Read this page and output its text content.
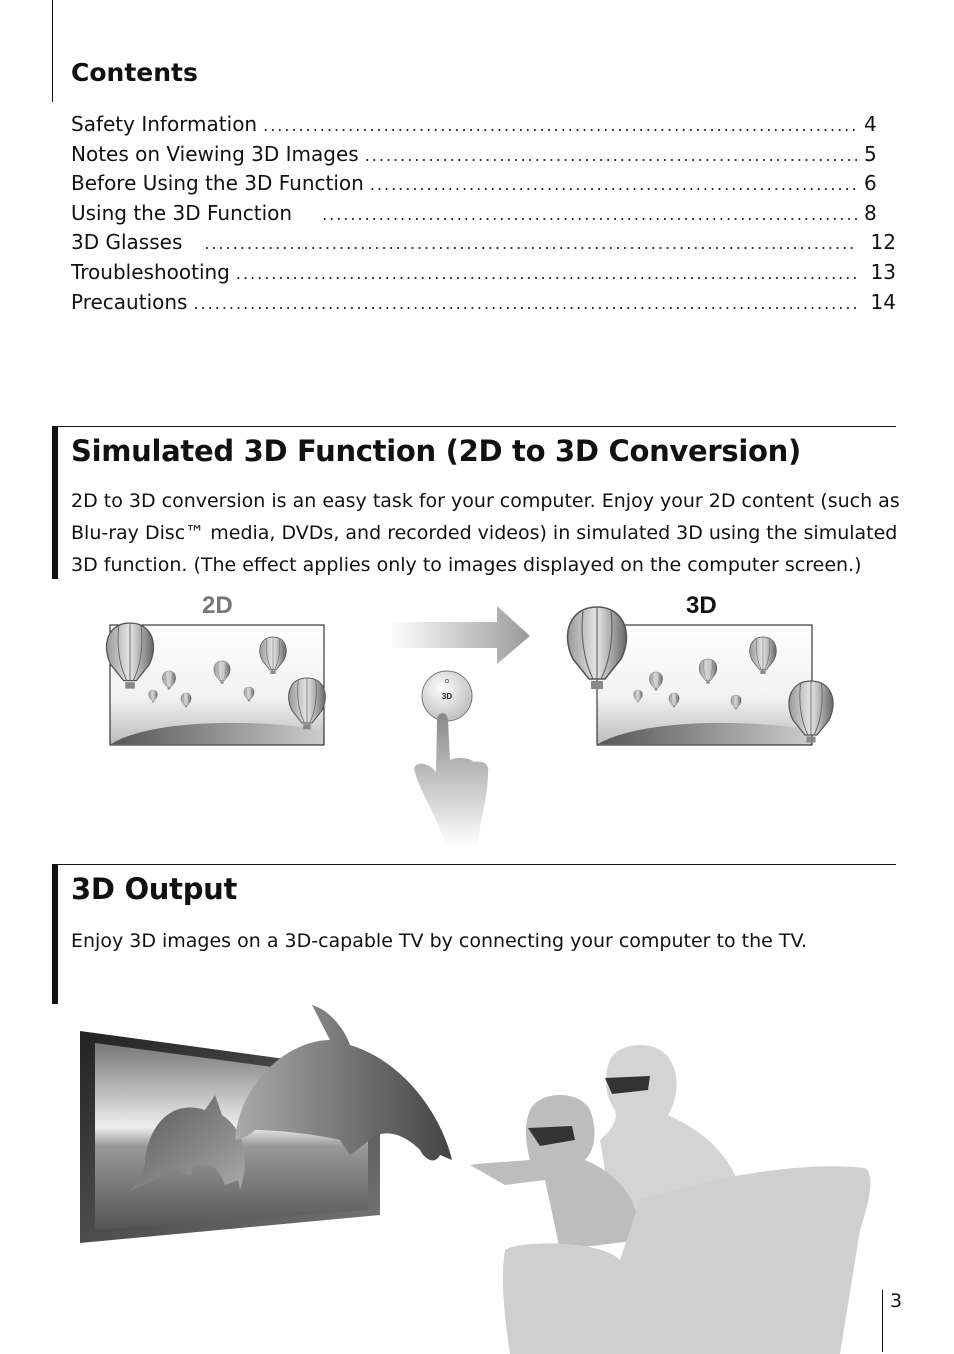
Contents
Safety Information .....	4
Notes on Viewing 3D Images .....	5
Before Using the 3D Function .....	6
Using the 3D Function .....	8
3D Glasses .....	12
Troubleshooting .....	13
Precautions .....	14
Simulated 3D Function (2D to 3D Conversion)
2D to 3D conversion is an easy task for your computer. Enjoy your 2D content (such as
Blu-ray Disc™ media, DVDs, and recorded videos) in simulated 3D using the simulated
3D function. (The effect applies only to images displayed on the computer screen.)
2D	3D
3D
3D Output
Enjoy 3D images on a 3D-capable TV by connecting your computer to the TV.
3
